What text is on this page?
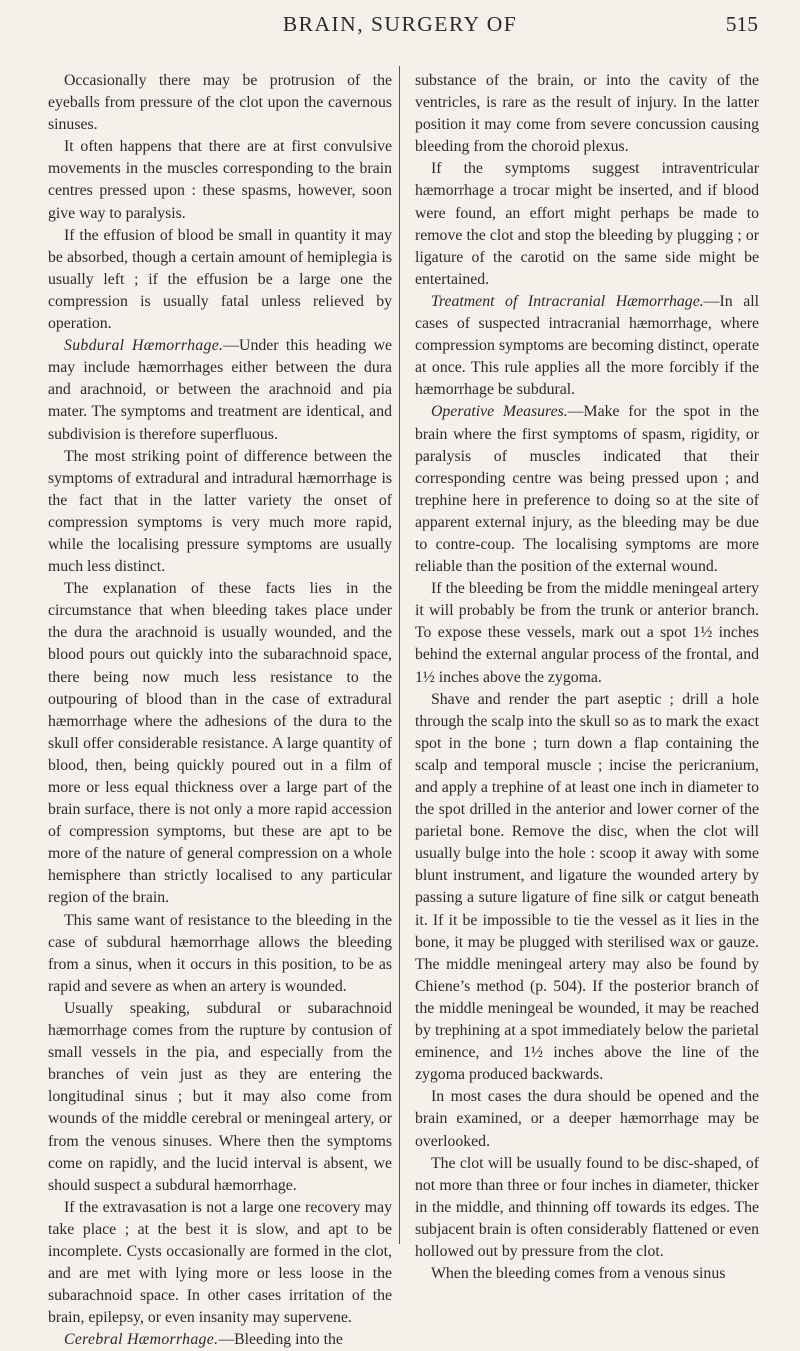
BRAIN, SURGERY OF	515

Occasionally there may be protrusion of the eyeballs from pressure of the clot upon the cavernous sinuses.

It often happens that there are at first convulsive movements in the muscles corresponding to the brain centres pressed upon : these spasms, however, soon give way to paralysis.

If the effusion of blood be small in quantity it may be absorbed, though a certain amount of hemiplegia is usually left ; if the effusion be a large one the compression is usually fatal unless relieved by operation.

Subdural Hæmorrhage.—Under this heading we may include hæmorrhages either between the dura and arachnoid, or between the arachnoid and pia mater. The symptoms and treatment are identical, and subdivision is therefore superfluous.

The most striking point of difference between the symptoms of extradural and intradural hæmorrhage is the fact that in the latter variety the onset of compression symptoms is very much more rapid, while the localising pressure symptoms are usually much less distinct.

The explanation of these facts lies in the circumstance that when bleeding takes place under the dura the arachnoid is usually wounded, and the blood pours out quickly into the subarachnoid space, there being now much less resistance to the outpouring of blood than in the case of extradural hæmorrhage where the adhesions of the dura to the skull offer considerable resistance. A large quantity of blood, then, being quickly poured out in a film of more or less equal thickness over a large part of the brain surface, there is not only a more rapid accession of compression symptoms, but these are apt to be more of the nature of general compression on a whole hemisphere than strictly localised to any particular region of the brain.

This same want of resistance to the bleeding in the case of subdural hæmorrhage allows the bleeding from a sinus, when it occurs in this position, to be as rapid and severe as when an artery is wounded.

Usually speaking, subdural or subarachnoid hæmorrhage comes from the rupture by contusion of small vessels in the pia, and especially from the branches of vein just as they are entering the longitudinal sinus ; but it may also come from wounds of the middle cerebral or meningeal artery, or from the venous sinuses. Where then the symptoms come on rapidly, and the lucid interval is absent, we should suspect a subdural hæmorrhage.

If the extravasation is not a large one recovery may take place ; at the best it is slow, and apt to be incomplete. Cysts occasionally are formed in the clot, and are met with lying more or less loose in the subarachnoid space. In other cases irritation of the brain, epilepsy, or even insanity may supervene.

Cerebral Hæmorrhage.—Bleeding into the

substance of the brain, or into the cavity of the ventricles, is rare as the result of injury. In the latter position it may come from severe concussion causing bleeding from the choroid plexus.

If the symptoms suggest intraventricular hæmorrhage a trocar might be inserted, and if blood were found, an effort might perhaps be made to remove the clot and stop the bleeding by plugging ; or ligature of the carotid on the same side might be entertained.

Treatment of Intracranial Hæmorrhage.—In all cases of suspected intracranial hæmorrhage, where compression symptoms are becoming distinct, operate at once. This rule applies all the more forcibly if the hæmorrhage be subdural.

Operative Measures.—Make for the spot in the brain where the first symptoms of spasm, rigidity, or paralysis of muscles indicated that their corresponding centre was being pressed upon ; and trephine here in preference to doing so at the site of apparent external injury, as the bleeding may be due to contre-coup. The localising symptoms are more reliable than the position of the external wound.

If the bleeding be from the middle meningeal artery it will probably be from the trunk or anterior branch. To expose these vessels, mark out a spot 1½ inches behind the external angular process of the frontal, and 1½ inches above the zygoma.

Shave and render the part aseptic ; drill a hole through the scalp into the skull so as to mark the exact spot in the bone ; turn down a flap containing the scalp and temporal muscle ; incise the pericranium, and apply a trephine of at least one inch in diameter to the spot drilled in the anterior and lower corner of the parietal bone. Remove the disc, when the clot will usually bulge into the hole : scoop it away with some blunt instrument, and ligature the wounded artery by passing a suture ligature of fine silk or catgut beneath it. If it be impossible to tie the vessel as it lies in the bone, it may be plugged with sterilised wax or gauze. The middle meningeal artery may also be found by Chiene’s method (p. 504). If the posterior branch of the middle meningeal be wounded, it may be reached by trephining at a spot immediately below the parietal eminence, and 1½ inches above the line of the zygoma produced backwards.

In most cases the dura should be opened and the brain examined, or a deeper hæmorrhage may be overlooked.

The clot will be usually found to be disc-shaped, of not more than three or four inches in diameter, thicker in the middle, and thinning off towards its edges. The subjacent brain is often considerably flattened or even hollowed out by pressure from the clot.

When the bleeding comes from a venous sinus
